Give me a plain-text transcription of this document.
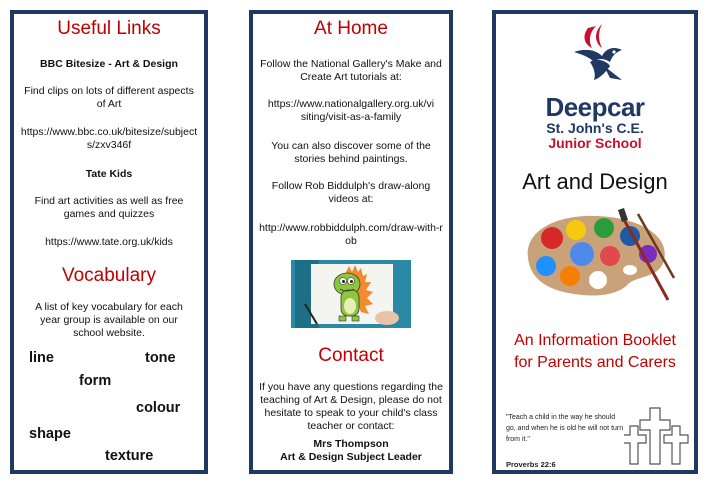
Useful Links
BBC Bitesize - Art & Design
Find clips on lots of different aspects of Art
https://www.bbc.co.uk/bitesize/subjects/zxv346f
Tate Kids
Find art activities as well as free games and quizzes
https://www.tate.org.uk/kids
Vocabulary
A list of key vocabulary for each year group is available on our school website.
line	tone
form
colour
shape
texture
At Home
Follow the National Gallery's Make and Create Art tutorials at:
https://www.nationalgallery.org.uk/visiting/visit-as-a-family
You can also discover some of the stories behind paintings.
Follow Rob Biddulph's draw-along videos at:
http://www.robbiddulph.com/draw-with-rob
Contact
If you have any questions regarding the teaching of Art & Design, please do not hesitate to speak to your child's class teacher or contact:
Mrs Thompson
Art & Design Subject Leader
Deepcar
St. John's C.E.
Junior School
Art and Design
An Information Booklet for Parents and Carers
"Teach a child in the way he should go, and when he is old he will not turn from it."
Proverbs 22:6
